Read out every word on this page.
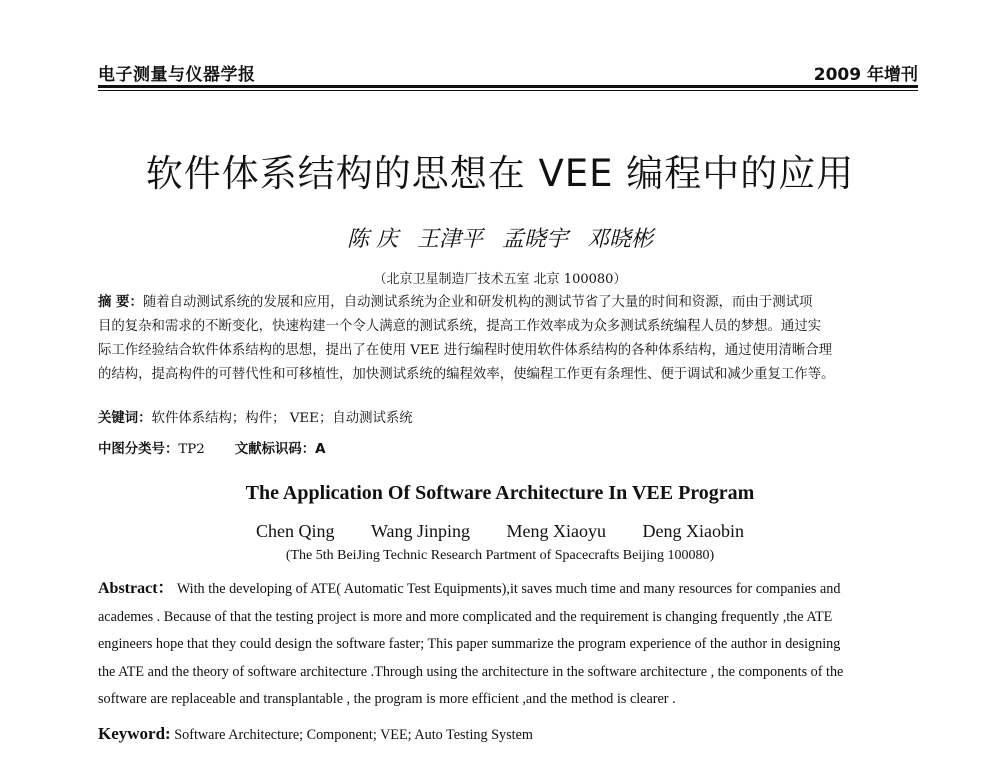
电子测量与仪器学报	2009 年增刊
软件体系结构的思想在 VEE 编程中的应用
陈 庆 王津平 孟晓宇 邓晓彬
（北京卫星制造厂技术五室 北京 100080）
摘 要：随着自动测试系统的发展和应用，自动测试系统为企业和研发机构的测试节省了大量的时间和资源，而由于测试项
目的复杂和需求的不断变化，快速构建一个令人满意的测试系统，提高工作效率成为众多测试系统编程人员的梦想。通过实
际工作经验结合软件体系结构的思想，提出了在使用 VEE 进行编程时使用软件体系结构的各种体系结构，通过使用清晰合理
的结构，提高构件的可替代性和可移植性，加快测试系统的编程效率，使编程工作更有条理性、便于调试和减少重复工作等。
关键词：软件体系结构；构件； VEE；自动测试系统
中图分类号：TP2 文献标识码：A
The Application Of Software Architecture In VEE Program
Chen Qing Wang Jinping Meng Xiaoyu Deng Xiaobin
(The 5th BeiJing Technic Research Partment of Spacecrafts Beijing 100080)
Abstract： With the developing of ATE( Automatic Test Equipments),it saves much time and many resources for companies and
academes . Because of that the testing project is more and more complicated and the requirement is changing frequently ,the ATE
engineers hope that they could design the software faster; This paper summarize the program experience of the author in designing
the ATE and the theory of software architecture .Through using the architecture in the software architecture , the components of the
software are replaceable and transplantable , the program is more efficient ,and the method is clearer .
Keyword: Software Architecture; Component; VEE; Auto Testing System
